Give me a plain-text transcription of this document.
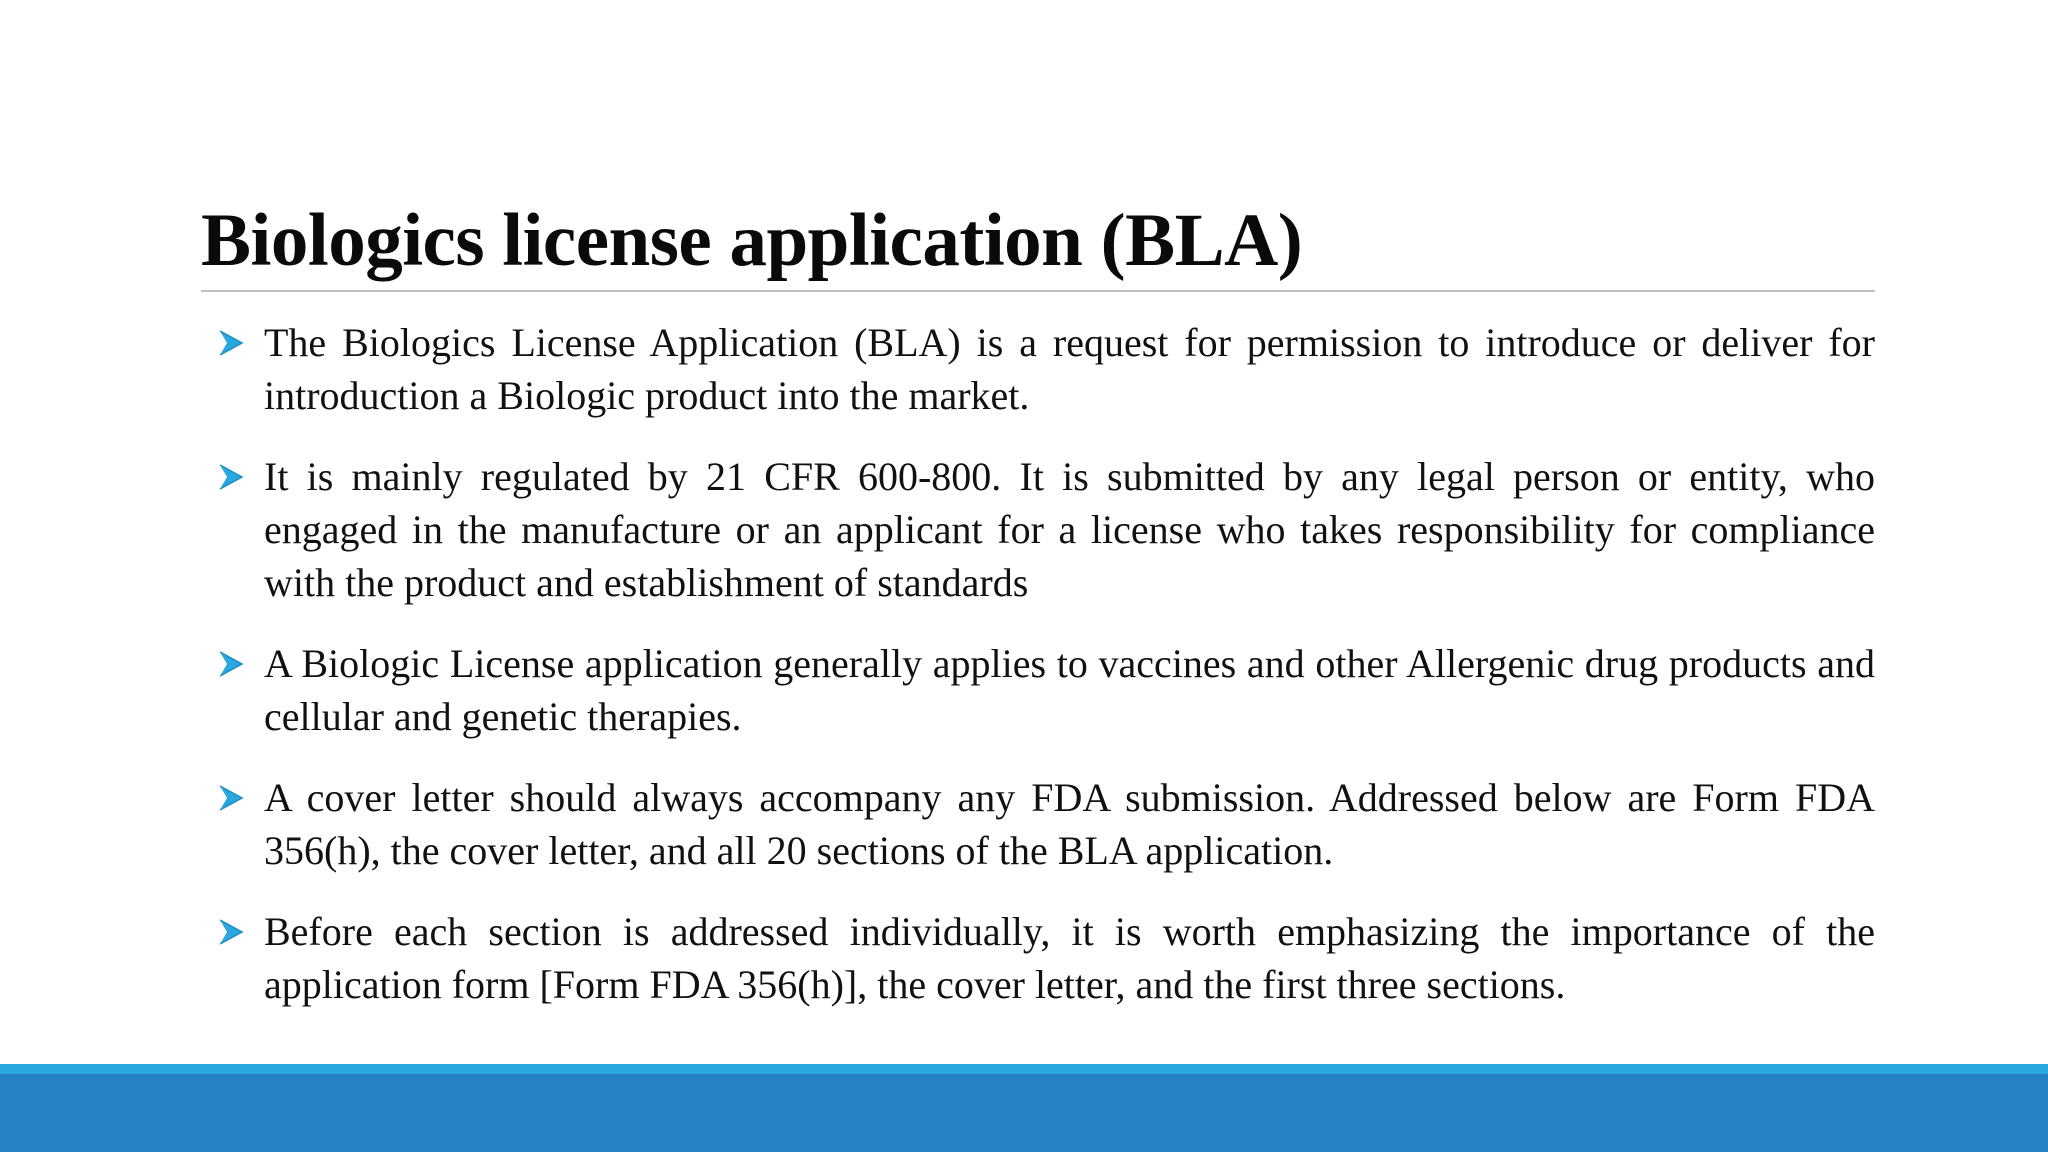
Biologics license application (BLA)
The Biologics License Application (BLA) is a request for permission to introduce or deliver for introduction a Biologic product into the market.
It is mainly regulated by 21 CFR 600-800. It is submitted by any legal person or entity, who engaged in the manufacture or an applicant for a license who takes responsibility for compliance with the product and establishment of standards
A Biologic License application generally applies to vaccines and other Allergenic drug products and cellular and genetic therapies.
A cover letter should always accompany any FDA submission. Addressed below are Form FDA 356(h), the cover letter, and all 20 sections of the BLA application.
Before each section is addressed individually, it is worth emphasizing the importance of the application form [Form FDA 356(h)], the cover letter, and the first three sections.
